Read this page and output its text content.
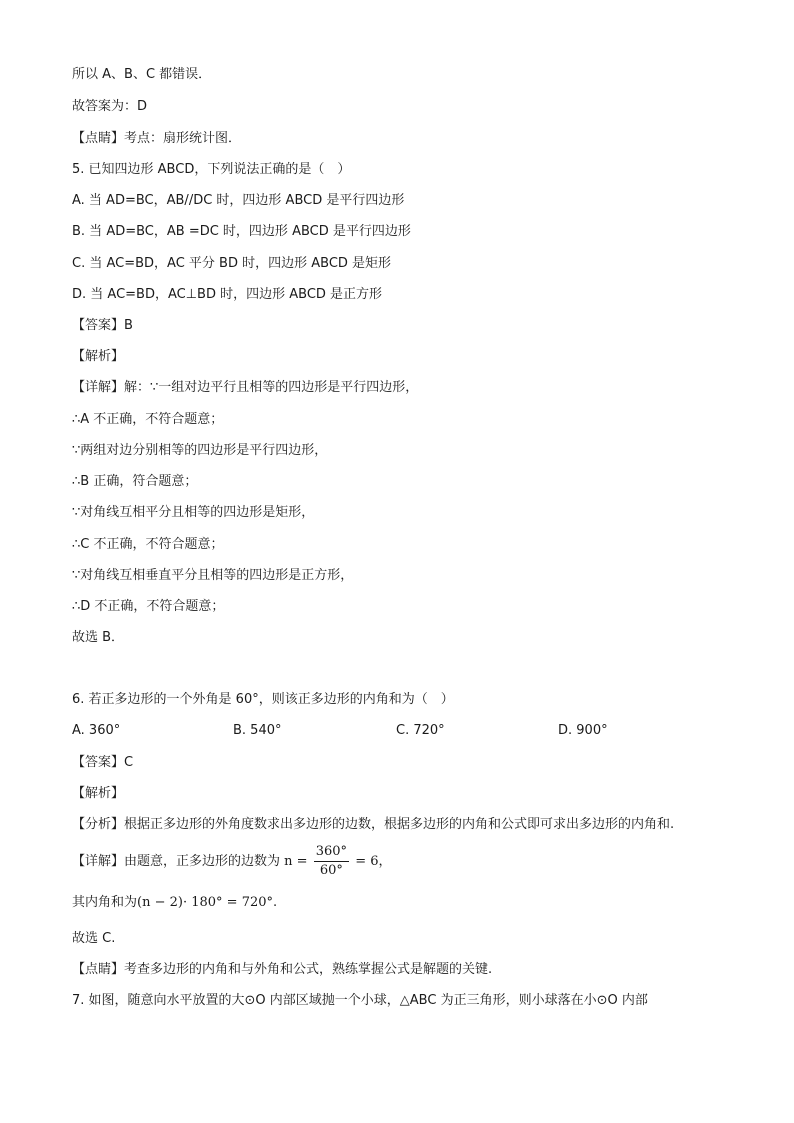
所以 A、B、C 都错误．
故答案为：D
【点睛】考点：扇形统计图．
5. 已知四边形 ABCD，下列说法正确的是（　）
A. 当 AD=BC，AB//DC 时，四边形 ABCD 是平行四边形
B. 当 AD=BC，AB =DC 时，四边形 ABCD 是平行四边形
C. 当 AC=BD，AC 平分 BD 时，四边形 ABCD 是矩形
D. 当 AC=BD，AC⊥BD 时，四边形 ABCD 是正方形
【答案】B
【解析】
【详解】解：∵一组对边平行且相等的四边形是平行四边形，
∴A 不正确，不符合题意；
∵两组对边分别相等的四边形是平行四边形，
∴B 正确，符合题意；
∵对角线互相平分且相等的四边形是矩形，
∴C 不正确，不符合题意；
∵对角线互相垂直平分且相等的四边形是正方形，
∴D 不正确，不符合题意；
故选 B．
6. 若正多边形的一个外角是 60°，则该正多边形的内角和为（　）
A. 360°	B. 540°	C. 720°	D. 900°
【答案】C
【解析】
【分析】根据正多边形的外角度数求出多边形的边数，根据多边形的内角和公式即可求出多边形的内角和.
【详解】由题意，正多边形的边数为 $n = \frac{360^\circ}{60^\circ} = 6$，
其内角和为(n − 2)· 180° = 720°.
故选 C.
【点睛】考查多边形的内角和与外角和公式，熟练掌握公式是解题的关键.
7. 如图，随意向水平放置的大⊙O 内部区域抛一个小球，△ABC 为正三角形，则小球落在小⊙O 内部
